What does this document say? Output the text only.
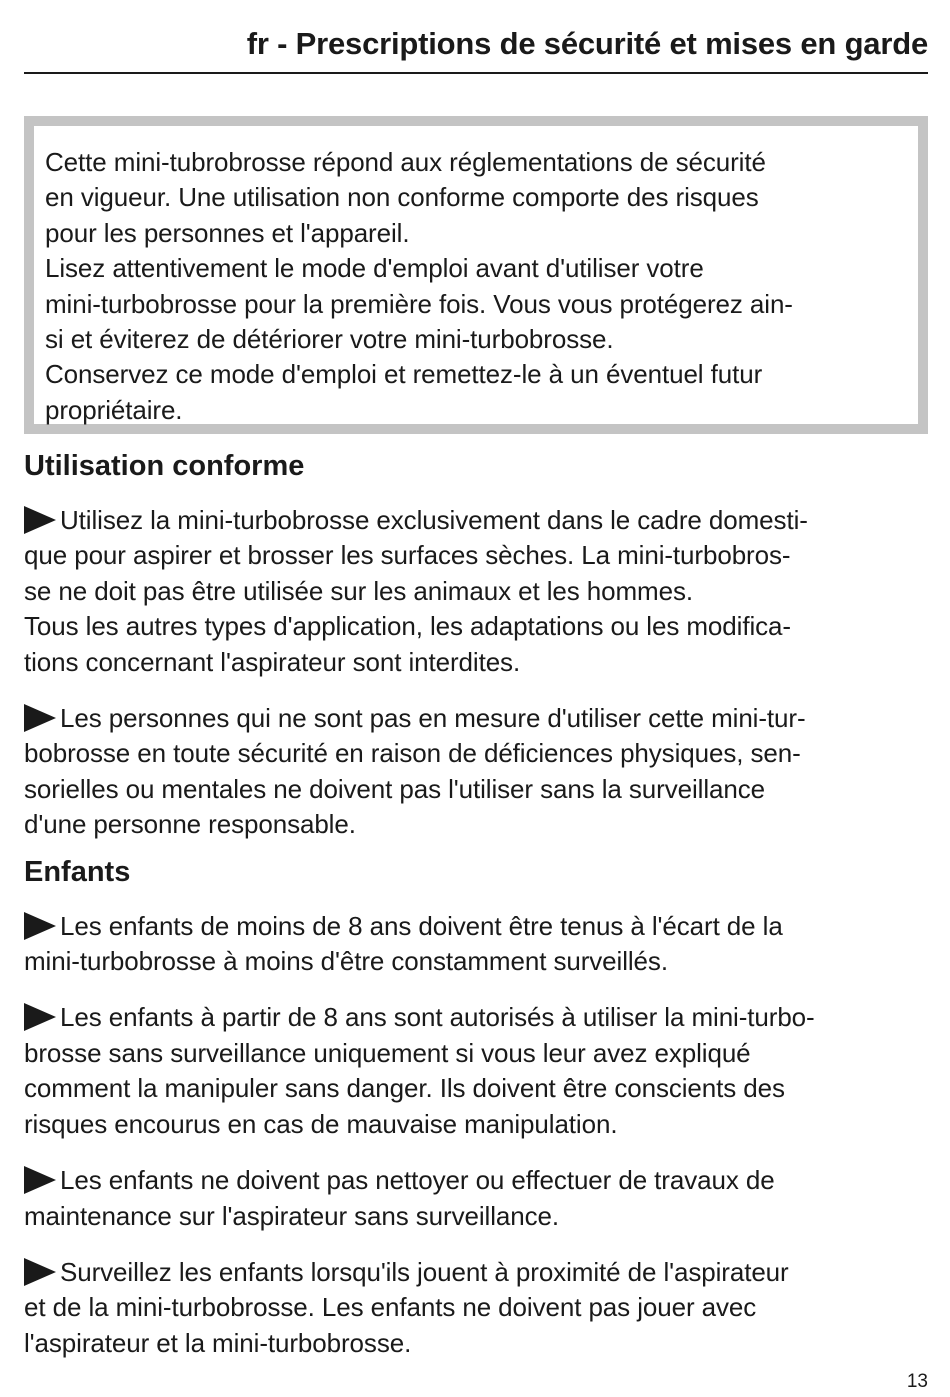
fr - Prescriptions de sécurité et mises en garde
Cette mini-tubrobrosse répond aux réglementations de sécurité
en vigueur. Une utilisation non conforme comporte des risques
pour les personnes et l'appareil.
Lisez attentivement le mode d'emploi avant d'utiliser votre
mini-turbobrosse pour la première fois. Vous vous protégerez ain-
si et éviterez de détériorer votre mini-turbobrosse.
Conservez ce mode d'emploi et remettez-le à un éventuel futur
propriétaire.
Utilisation conforme
Utilisez la mini-turbobrosse exclusivement dans le cadre domesti-
que pour aspirer et brosser les surfaces sèches. La mini-turbobros-
se ne doit pas être utilisée sur les animaux et les hommes.
Tous les autres types d'application, les adaptations ou les modifica-
tions concernant l'aspirateur sont interdites.
Les personnes qui ne sont pas en mesure d'utiliser cette mini-tur-
bobrosse en toute sécurité en raison de déficiences physiques, sen-
sorielles ou mentales ne doivent pas l'utiliser sans la surveillance
d'une personne responsable.
Enfants
Les enfants de moins de 8 ans doivent être tenus à l'écart de la
mini-turbobrosse à moins d'être constamment surveillés.
Les enfants à partir de 8 ans sont autorisés à utiliser la mini-turbo-
brosse sans surveillance uniquement si vous leur avez expliqué
comment la manipuler sans danger. Ils doivent être conscients des
risques encourus en cas de mauvaise manipulation.
Les enfants ne doivent pas nettoyer ou effectuer de travaux de
maintenance sur l'aspirateur sans surveillance.
Surveillez les enfants lorsqu'ils jouent à proximité de l'aspirateur
et de la mini-turbobrosse. Les enfants ne doivent pas jouer avec
l'aspirateur et la mini-turbobrosse.
13
